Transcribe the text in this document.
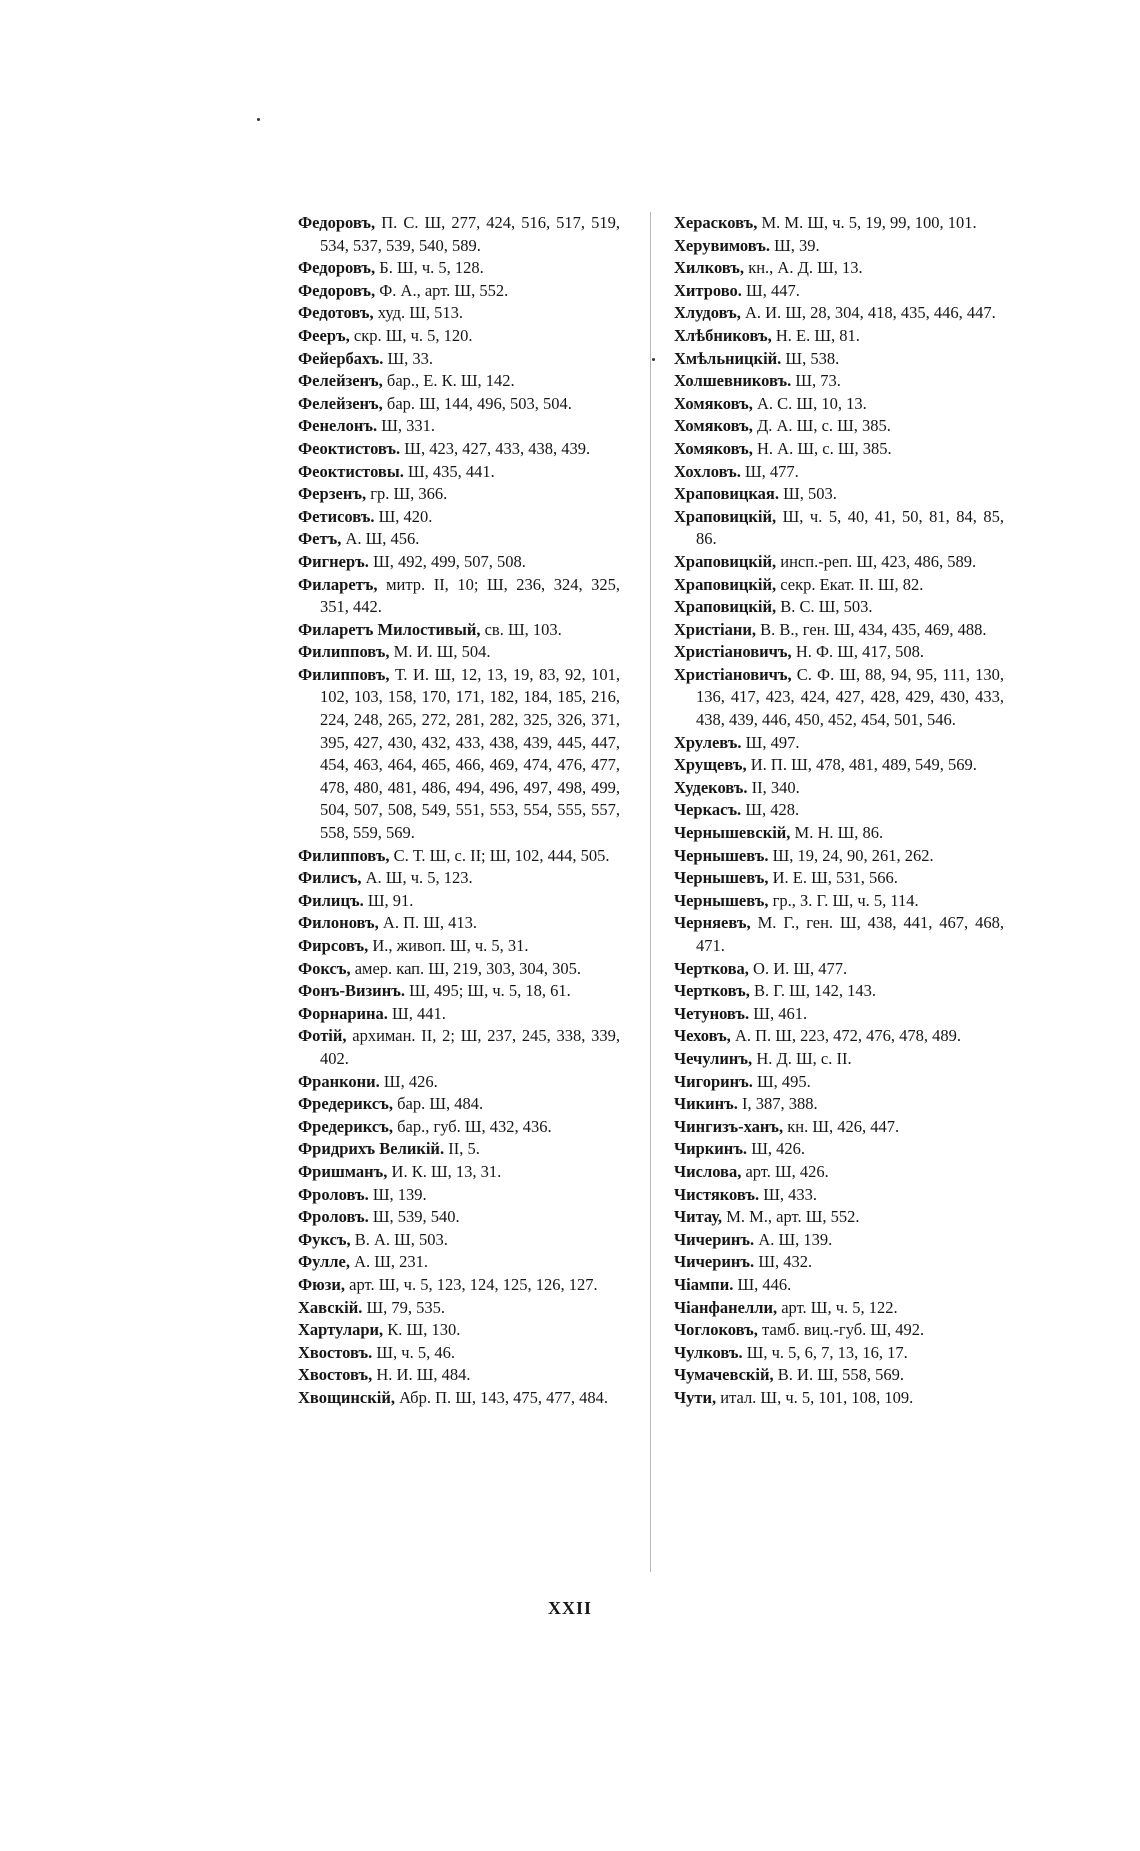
Федоровъ, П. С. Ш, 277, 424, 516, 517, 519, 534, 537, 539, 540, 589.
Федоровъ, Б. Ш, ч. 5, 128.
Федоровъ, Ф. А., арт. Ш, 552.
Федотовъ, худ. Ш, 513.
Фееръ, скр. Ш, ч. 5, 120.
Фейербахъ. Ш, 33.
Фелейзенъ, бар., Е. К. Ш, 142.
Фелейзенъ, бар. Ш, 144, 496, 503, 504.
Фенелонъ. Ш, 331.
Феоктистовъ. Ш, 423, 427, 433, 438, 439.
Феоктистовы. Ш, 435, 441.
Ферзенъ, гр. Ш, 366.
Фетисовъ. Ш, 420.
Фетъ, А. Ш, 456.
Фигнеръ. Ш, 492, 499, 507, 508.
Филаретъ, митр. II, 10; Ш, 236, 324, 325, 351, 442.
Филаретъ Милостивый, св. Ш, 103.
Филипповъ, М. И. Ш, 504.
Филипповъ, Т. И. Ш, 12, 13, 19, 83, 92, 101, 102, 103, 158, 170, 171, 182, 184, 185, 216, 224, 248, 265, 272, 281, 282, 325, 326, 371, 395, 427, 430, 432, 433, 438, 439, 445, 447, 454, 463, 464, 465, 466, 469, 474, 476, 477, 478, 480, 481, 486, 494, 496, 497, 498, 499, 504, 507, 508, 549, 551, 553, 554, 555, 557, 558, 559, 569.
Филипповъ, С. Т. Ш, с. II; Ш, 102, 444, 505.
Филисъ, А. Ш, ч. 5, 123.
Филицъ. Ш, 91.
Филоновъ, А. П. Ш, 413.
Фирсовъ, И., живоп. Ш, ч. 5, 31.
Фоксъ, амер. кап. Ш, 219, 303, 304, 305.
Фонъ-Визинъ. Ш, 495; Ш, ч. 5, 18, 61.
Форнарина. Ш, 441.
Фотій, архиман. II, 2; Ш, 237, 245, 338, 339, 402.
Франкони. Ш, 426.
Фредериксъ, бар. Ш, 484.
Фредериксъ, бар., губ. Ш, 432, 436.
Фридрихъ Великій. II, 5.
Фришманъ, И. К. Ш, 13, 31.
Фроловъ. Ш, 139.
Фроловъ. Ш, 539, 540.
Фуксъ, В. А. Ш, 503.
Фулле, А. Ш, 231.
Фюзи, арт. Ш, ч. 5, 123, 124, 125, 126, 127.
Хавскій. Ш, 79, 535.
Хартулари, К. Ш, 130.
Хвостовъ. Ш, ч. 5, 46.
Хвостовъ, Н. И. Ш, 484.
Хвощинскій, Абр. П. Ш, 143, 475, 477, 484.
Херасковъ, М. М. Ш, ч. 5, 19, 99, 100, 101.
Херувимовъ. Ш, 39.
Хилковъ, кн., А. Д. Ш, 13.
Хитрово. Ш, 447.
Хлудовъ, А. И. Ш, 28, 304, 418, 435, 446, 447.
Хлѣбниковъ, Н. Е. Ш, 81.
Хмѣльницкій. Ш, 538.
Холшевниковъ. Ш, 73.
Хомяковъ, А. С. Ш, 10, 13.
Хомяковъ, Д. А. Ш, с. Ш, 385.
Хомяковъ, Н. А. Ш, с. Ш, 385.
Хохловъ. Ш, 477.
Храповицкая. Ш, 503.
Храповицкій, Ш, ч. 5, 40, 41, 50, 81, 84, 85, 86.
Храповицкій, инсп.-реп. Ш, 423, 486, 589.
Храповицкій, секр. Екат. II. Ш, 82.
Храповицкій, В. С. Ш, 503.
Христіани, В. В., ген. Ш, 434, 435, 469, 488.
Христіановичъ, Н. Ф. Ш, 417, 508.
Христіановичъ, С. Ф. Ш, 88, 94, 95, 111, 130, 136, 417, 423, 424, 427, 428, 429, 430, 433, 438, 439, 446, 450, 452, 454, 501, 546.
Хрулевъ. Ш, 497.
Хрущевъ, И. П. Ш, 478, 481, 489, 549, 569.
Худековъ. II, 340.
Черкасъ. Ш, 428.
Чернышевскій, М. Н. Ш, 86.
Чернышевъ. Ш, 19, 24, 90, 261, 262.
Чернышевъ, И. Е. Ш, 531, 566.
Чернышевъ, гр., З. Г. Ш, ч. 5, 114.
Черняевъ, М. Г., ген. Ш, 438, 441, 467, 468, 471.
Черткова, О. И. Ш, 477.
Чертковъ, В. Г. Ш, 142, 143.
Четуновъ. Ш, 461.
Чеховъ, А. П. Ш, 223, 472, 476, 478, 489.
Чечулинъ, Н. Д. Ш, с. II.
Чигоринъ. Ш, 495.
Чикинъ. I, 387, 388.
Чингизъ-ханъ, кн. Ш, 426, 447.
Чиркинъ. Ш, 426.
Числова, арт. Ш, 426.
Чистяковъ. Ш, 433.
Читау, М. М., арт. Ш, 552.
Чичеринъ. А. Ш, 139.
Чичеринъ. Ш, 432.
Чіампи. Ш, 446.
Чіанфанелли, арт. Ш, ч. 5, 122.
Чоглоковъ, тамб. виц.-губ. Ш, 492.
Чулковъ. Ш, ч. 5, 6, 7, 13, 16, 17.
Чумачевскій, В. И. Ш, 558, 569.
Чути, итал. Ш, ч. 5, 101, 108, 109.
XXII
